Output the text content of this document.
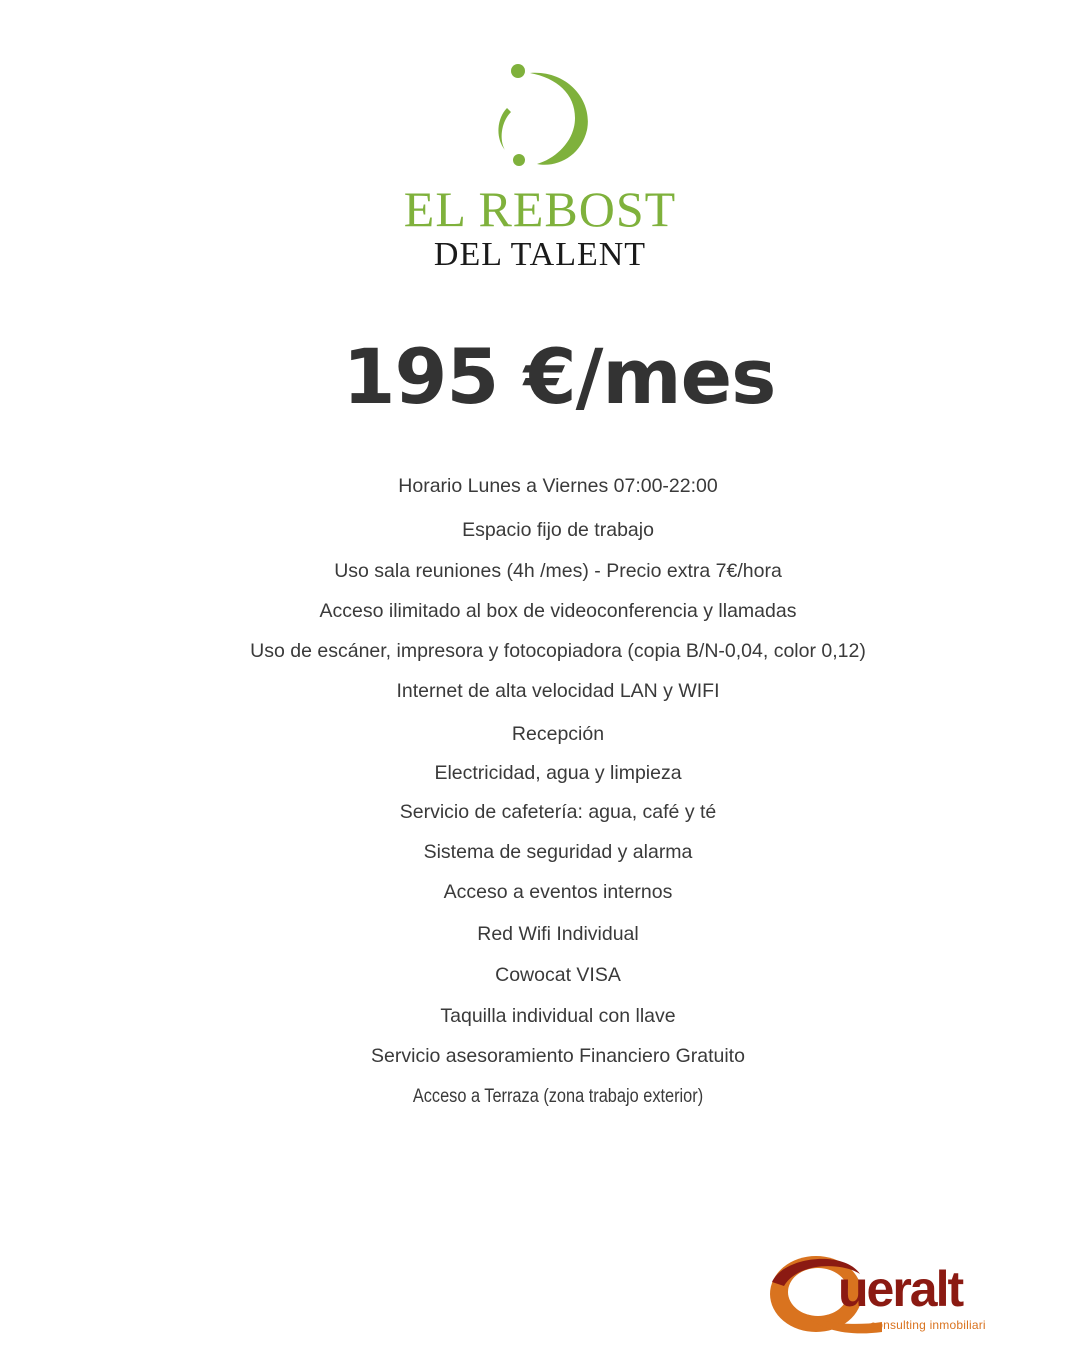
EL REBOST
DEL TALENT
195 €/mes
Horario Lunes a Viernes 07:00-22:00
Espacio fijo de trabajo
Uso sala reuniones (4h /mes) - Precio extra 7€/hora
Acceso ilimitado al box de videoconferencia y llamadas
Uso de escáner, impresora y fotocopiadora (copia B/N-0,04, color 0,12)
Internet de alta velocidad LAN y WIFI
Recepción
Electricidad, agua y limpieza
Servicio de cafetería: agua, café y té
Sistema de seguridad y alarma
Acceso a eventos internos
Red Wifi Individual
Cowocat VISA
Taquilla individual con llave
Servicio asesoramiento Financiero Gratuito
Acceso a Terraza (zona trabajo exterior)
ueralt
consulting inmobiliari
